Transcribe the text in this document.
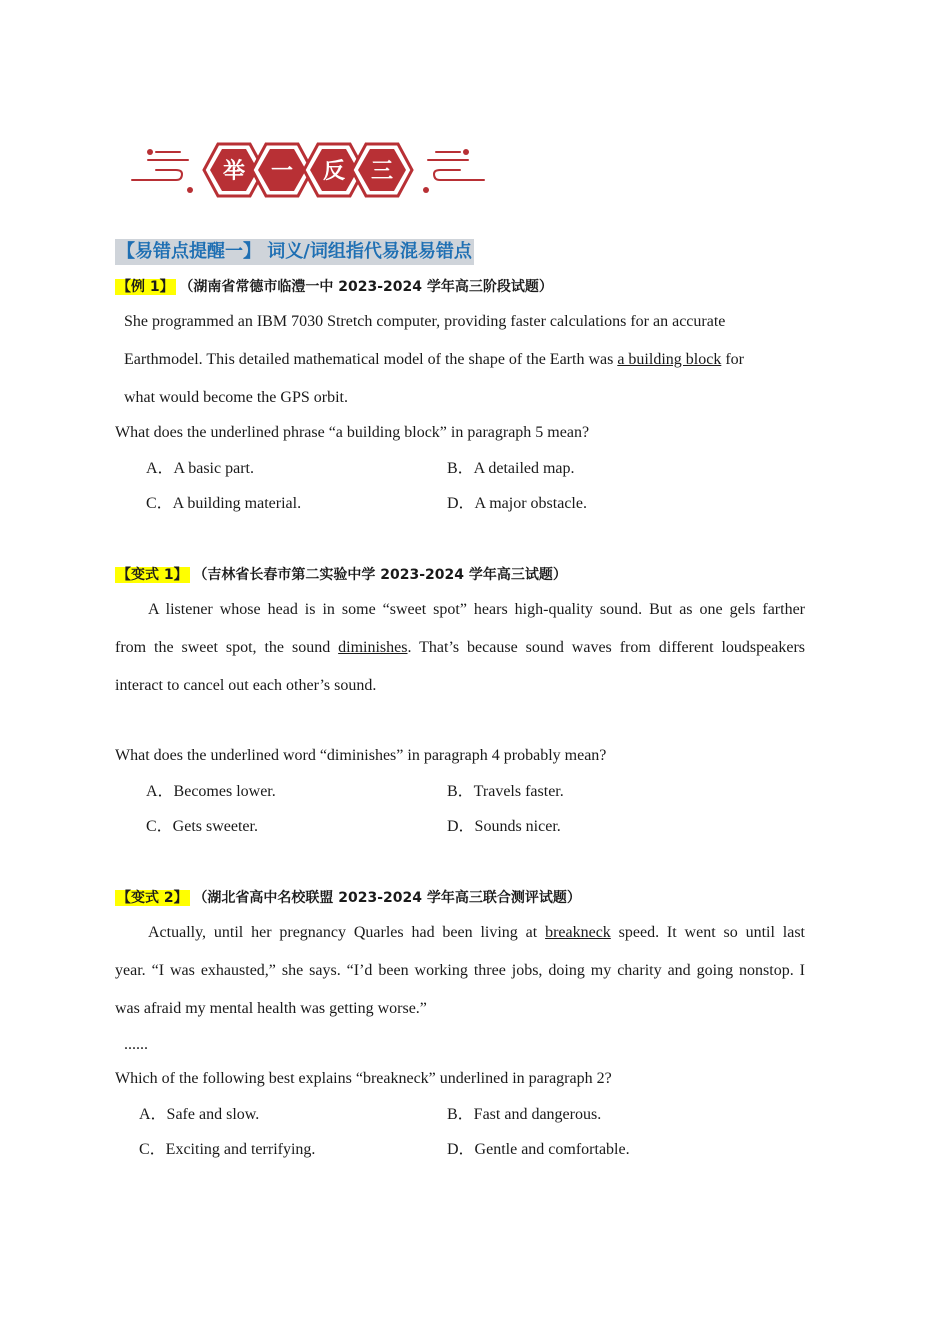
举 一 反 三
【易错点提醒一】 词义/词组指代易混易错点
【例 1】 （湖南省常德市临澧一中 2023-2024 学年高三阶段试题）
She programmed an IBM 7030 Stretch computer, providing faster calculations for an accurate
Earthmodel. This detailed mathematical model of the shape of the Earth was a building block for
what would become the GPS orbit.
What does the underlined phrase “a building block” in paragraph 5 mean?
A．A basic part.	B．A detailed map.
C．A building material.	D．A major obstacle.
【变式 1】 （吉林省长春市第二实验中学 2023-2024 学年高三试题）
A listener whose head is in some “sweet spot” hears high-quality sound. But as one gels farther
from the sweet spot, the sound diminishes. That’s because sound waves from different loudspeakers
interact to cancel out each other’s sound.
What does the underlined word “diminishes” in paragraph 4 probably mean?
A．Becomes lower.	B．Travels faster.
C．Gets sweeter.	D．Sounds nicer.
【变式 2】 （湖北省高中名校联盟 2023-2024 学年高三联合测评试题）
Actually, until her pregnancy Quarles had been living at breakneck speed. It went so until last
year. “I was exhausted,” she says. “I’d been working three jobs, doing my charity and going nonstop. I
was afraid my mental health was getting worse.”
......
Which of the following best explains “breakneck” underlined in paragraph 2?
A．Safe and slow.	B．Fast and dangerous.
C．Exciting and terrifying.	D．Gentle and comfortable.
